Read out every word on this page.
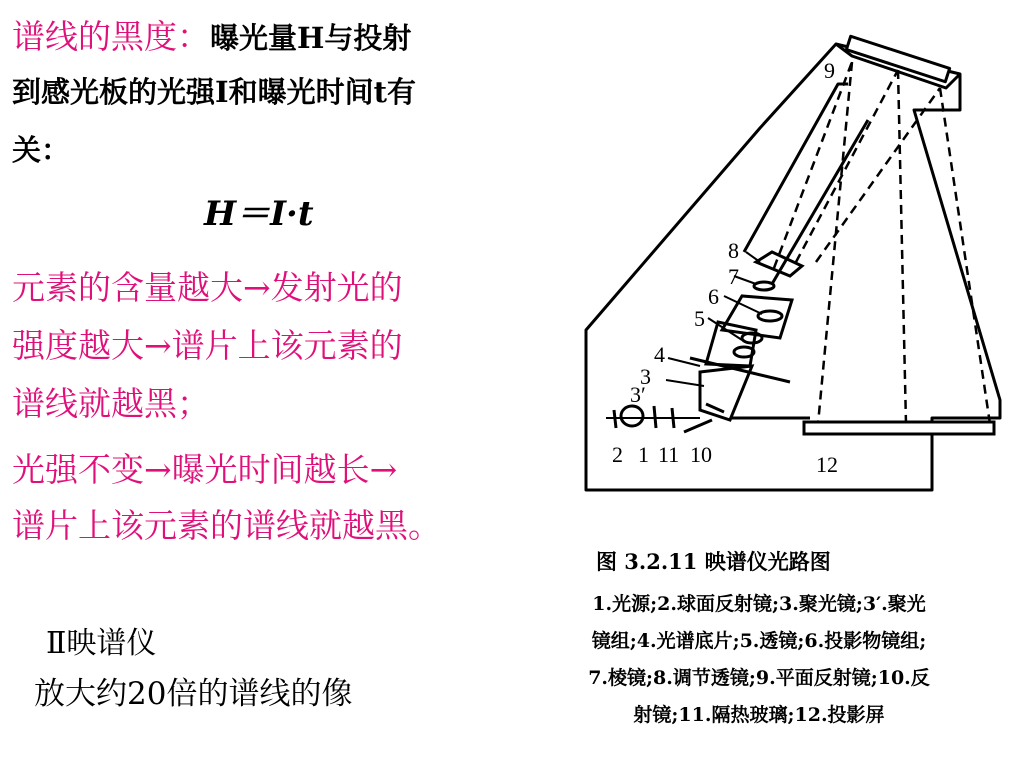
谱线的黑度：曝光量H与投射
到感光板的光强I和曝光时间t有
关：
H＝I·t
元素的含量越大→发射光的
强度越大→谱片上该元素的
谱线就越黑；
光强不变→曝光时间越长→
谱片上该元素的谱线就越黑。
Ⅱ映谱仪
放大约20倍的谱线的像
9
8
7
6
5
4
3
3′
2 1 11 10	12
图 3.2.11 映谱仪光路图
1.光源;2.球面反射镜;3.聚光镜;3′.聚光
镜组;4.光谱底片;5.透镜;6.投影物镜组;
7.棱镜;8.调节透镜;9.平面反射镜;10.反
射镜;11.隔热玻璃;12.投影屏
